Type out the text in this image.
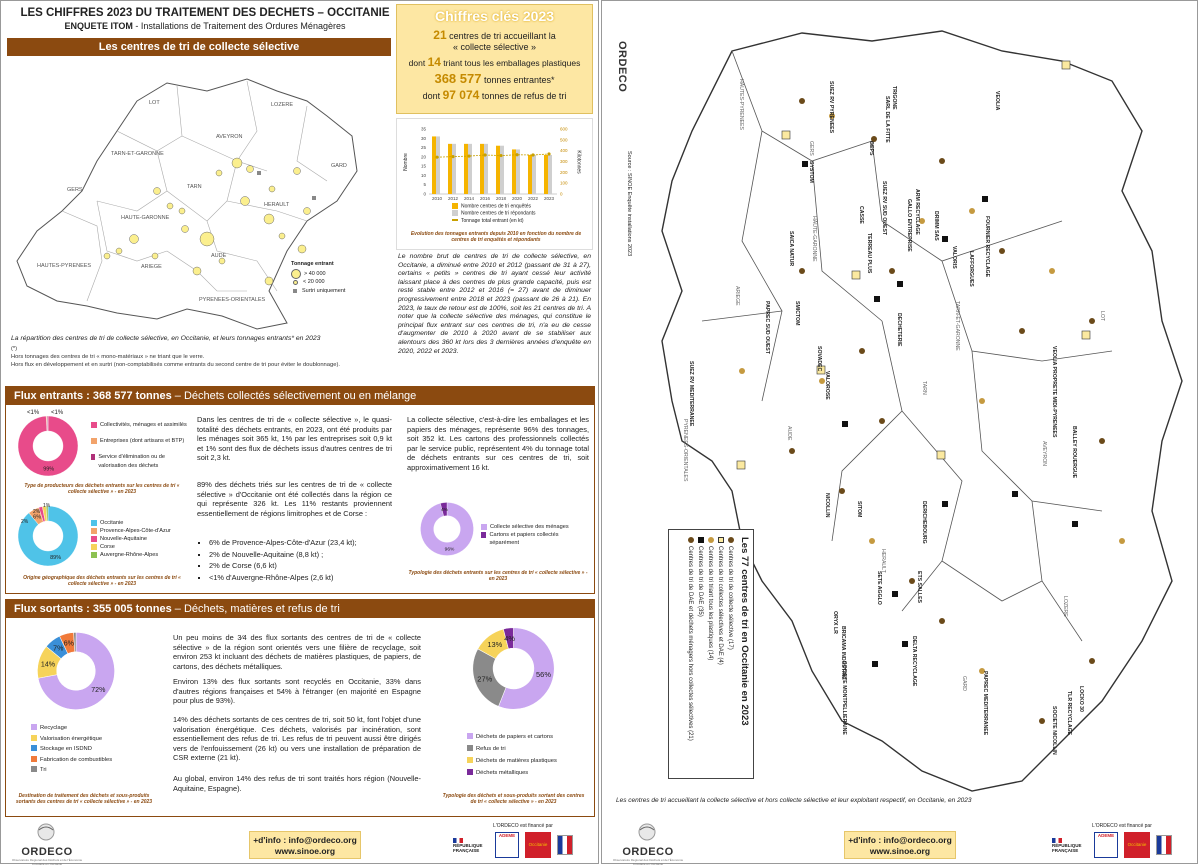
LES CHIFFRES 2023 DU TRAITEMENT DES DECHETS – OCCITANIE
ENQUETE ITOM - Installations de Traitement des Ordures Ménagères
Les centres de tri de collecte sélective
LOT	LOZERE
AVEYRON
TARN-ET-GARONNE
GARD
GERS	TARN
HERAULT
HAUTE-GARONNE
ARIEGE
AUDE
HAUTES-PYRENEES
PYRENEES-ORIENTALES
Tonnage entrant
> 40 000
< 20 000
Surtri uniquement
La répartition des centres de tri de collecte sélective, en Occitanie, et leurs tonnages entrants* en 2023
(*)
Hors tonnages des centres de tri « mono-matériaux » ne triant que le verre.
Hors flux en développement et en surtri (non-comptabilisés comme entrants du second centre de tri pour éviter le doublonnage).
Chiffres clés 2023
21 centres de tri accueillant la
« collecte sélective »
dont 14 triant tous les emballages plastiques
368 577 tonnes entrantes*
dont 97 074 tonnes de refus de tri
0
5
10
15
20
25
30
35
0
100
200
300
400
500
600
2010 2012 2014 2016 2018 2020 2022 2023
Nombre centres de tri enquêtés
Nombre centres de tri répondants
Tonnage total entrant (en kt)
Evolution des tonnages entrants depuis 2010 en fonction du nombre de centres de tri enquêtés et répondants
Nombre	Kilotonnes
Le nombre brut de centres de tri de collecte sélective, en Occitanie, a diminué entre 2010 et 2012 (passant de 31 à 27), certains « petits » centres de tri ayant cessé leur activité laissant place à des centres de plus grande capacité, puis est resté stable entre 2012 et 2016 (= 27) avant de diminuer progressivement entre 2018 et 2023 (passant de 26 à 21). En 2023, le taux de retour est de 100%, soit les 21 centres de tri. A noter que la collecte sélective des ménages, qui constitue le principal flux entrant sur ces centres de tri, n'a eu de cesse d'augmenter de 2010 à 2020 avant de se stabiliser aux alentours des 360 kt lors des 3 dernières années d'enquête en 2020, 2022 et 2023.
Flux entrants : 368 577 tonnes – Déchets collectés sélectivement ou en mélange
99%
<1% <1%
Collectivités, ménages et assimilés
Entreprises (dont artisans et BTP)
Service d'élimination ou de valorisation des déchets
Type de producteurs des déchets entrants sur les centres de tri « collecte sélective » - en 2023
89%
6%
2%
2%
1%
Occitanie
Provence-Alpes-Côte-d'Azur
Nouvelle-Aquitaine
Corse
Auvergne-Rhône-Alpes
Origine géographique des déchets entrants sur les centres de tri « collecte sélective » - en 2023
Dans les centres de tri de « collecte sélective », le quasi-totalité des déchets entrants, en 2023, ont été produits par les ménages soit 365 kt, 1% par les entreprises soit 0,9 kt et 1% sont des flux de déchets issus d'autres centres de tri soit 2,3 kt.
89% des déchets triés sur les centres de tri de « collecte sélective » d'Occitanie ont été collectés dans la région ce qui représente 326 kt. Les 11% restants proviennent essentiellement de régions limitrophes et de Corse :
▪ 6% de Provence-Alpes-Côte-d'Azur (23,4 kt);
▪ 2% de Nouvelle-Aquitaine (8,8 kt) ;
▪ 2% de Corse (6,6 kt)
▪ <1% d'Auvergne-Rhône-Alpes (2,6 kt)
La collecte sélective, c'est-à-dire les emballages et les papiers des ménages, représente 96% des tonnages, soit 352 kt. Les cartons des professionnels collectés par le service public, représentent 4% du tonnage total de déchets entrants sur ces centres de tri, soit approximativement 16 kt.
96%
4%
Collecte sélective des ménages
Cartons et papiers collectés séparément
Typologie des déchets entrants sur les centres de tri « collecte sélective » - en 2023
Flux sortants : 355 005 tonnes – Déchets, matières et refus de tri
72%
14%
7%
6%
Recyclage
Valorisation énergétique
Stockage en ISDND
Fabrication de combustibles
Tri
Destination de traitement des déchets et sous-produits sortants des centres de tri « collecte sélective » - en 2023
Un peu moins de 3⁄4 des flux sortants des centres de tri de « collecte sélective » de la région sont orientés vers une filière de recyclage, soit environ 253 kt incluant des déchets de matières plastiques, de papiers, de cartons, des déchets métalliques.
Environ 13% des flux sortants sont recyclés en Occitanie, 33% dans d'autres régions françaises et 54% à l'étranger (en majorité en Espagne pour plus de 93%).
14% des déchets sortants de ces centres de tri, soit 50 kt, font l'objet d'une valorisation énergétique. Ces déchets, valorisés par incinération, sont essentiellement des refus de tri. Les refus de tri peuvent aussi être dirigés vers de l'enfouissement (26 kt) ou vers une installation de préparation de CSR externe (21 kt).
Au global, environ 14% des refus de tri sont traités hors région (Nouvelle-Aquitaine, Espagne).
56%
27%
13%
4%
Déchets de papiers et cartons
Refus de tri
Déchets de matières plastiques
Déchets métalliques
Typologie des déchets et sous-produits sortant des centres de tri « collecte sélective » - en 2023
ORDECO
Observatoire Régional des Déchets et de l'Économie Circulaire en Occitanie
+d'info : info@ordeco.org
www.sinoe.org
L'ORDECO est financé par
RÉPUBLIQUE
FRANÇAISE
ADEME
Occitanie
ORDECO
Source : SINOE Enquête installations 2023
HAUTES-PYRENEES
GERS
HAUTE-GARONNE
ARIEGE
TARN-ET-GARONNE
TARN
LOT
AVEYRON
AUDE
PYRENEES-ORIENTALES
HERAULT
LOZERE
GARD
SUEZ RV PYRENEES	TRIGONE
SARL DE LA FITTE
GEPS
VEOLIA
ARM RECYCLAGE
GALLO ENTREPRISE
CASSE
TERREAU PLUS
SUEZ RV SUD OUEST
PAPREC SUD OUEST	SMICTOM
SYSTOM
SAICA NATUR
DRIMM SAS	FOURNIER RECYCLAGE
LAFFORGUES
VALORIS
DECHETERIE
VEOLIA PROPRETE MIDI-PYRENEES
BALLEY ROUERGUE
SUEZ RV MEDITERRANEE
NICOLLIN	SITOM
SOVADEC
VALOROSE
DERICHEBOURG
DELTA RECYCLAGE
PAPREC MEDITERRANEE
SOCIETE MONTPELLIERAINE
ORYX LR
BRICAMA INDUSTRIE
SETE AGGLO	ETS SALLES
TLR RECYCLAGE LOCKO 30
SOCIETE NICOLLIN
Les 77 centres de tri en Occitanie en 2023
Centres de tri de collecte sélective (17)
Centres de tri collectes sélectives et DAE (4)
Centres de tri triant tous les plastiques (14)
Centres de tri de DAE (35)
Centres de tri de DAE et déchets ménagers hors collectes sélectives (21)
Les centres de tri accueillant la collecte sélective et hors collecte sélective et leur exploitant respectif, en Occitanie, en 2023
ORDECO
Observatoire Régional des Déchets et de l'Économie Circulaire en Occitanie
+d'info : info@ordeco.org
www.sinoe.org
L'ORDECO est financé par
RÉPUBLIQUE
FRANÇAISE
ADEME
Occitanie
